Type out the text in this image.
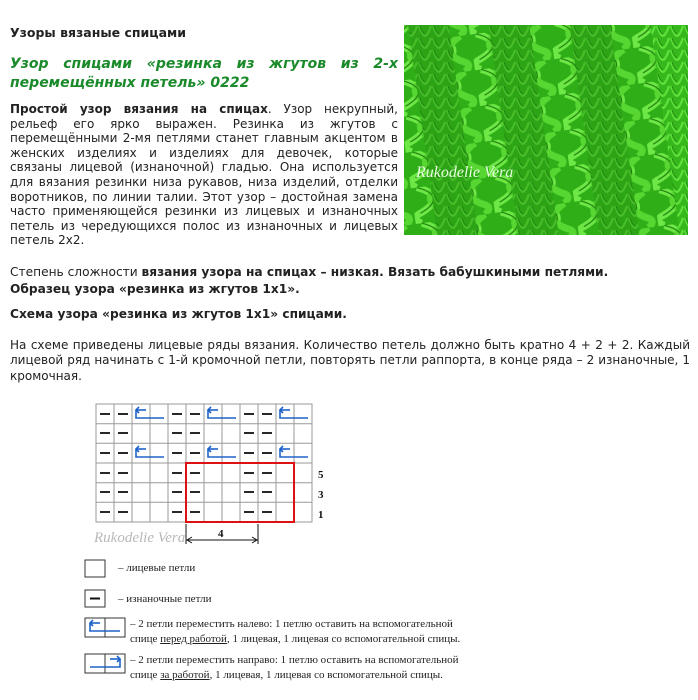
Узоры вязаные спицами
Узор спицами «резинка из жгутов из 2-х перемещённых петель» 0222
Простой узор вязания на спицах. Узор некрупный, рельеф его ярко выражен. Резинка из жгутов с перемещёнными 2-мя петлями станет главным акцентом в женских изделиях и изделиях для девочек, которые связаны лицевой (изнаночной) гладью. Она используется для вязания резинки низа рукавов, низа изделий, отделки воротников, по линии талии. Этот узор – достойная замена часто применяющейся резинки из лицевых и изнаночных петель из чередующихся полос из изнаночных и лицевых петель 2х2.
Rukodelie Vera
Степень сложности вязания узора на спицах – низкая. Вязать бабушкиными петлями.
Образец узора «резинка из жгутов 1х1».
Схема узора «резинка из жгутов 1х1» спицами.
На схеме приведены лицевые ряды вязания. Количество петель должно быть кратно 4 + 2 + 2. Каждый лицевой ряд начинать с 1-й кромочной петли, повторять петли раппорта, в конце ряда – 2 изнаночные, 1 кромочная.
5
3
1
4
Rukodelie Vera
– лицевые петли
– изнаночные петли
– 2 петли переместить налево: 1 петлю оставить на вспомогательной
спице перед работой, 1 лицевая, 1 лицевая со вспомогательной спицы.
– 2 петли переместить направо: 1 петлю оставить на вспомогательной
спице за работой, 1 лицевая, 1 лицевая со вспомогательной спицы.
